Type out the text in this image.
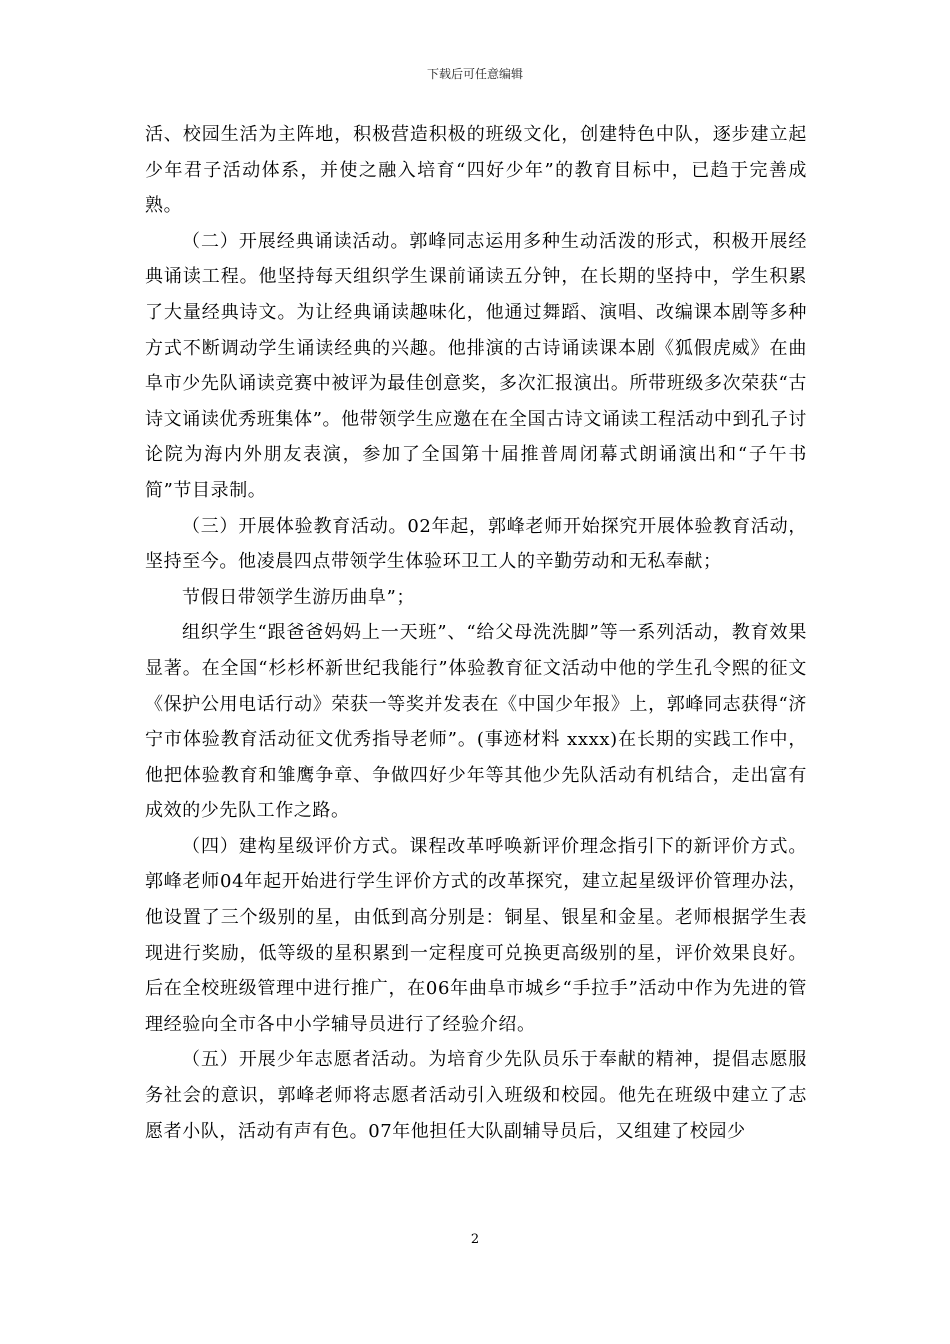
下载后可任意编辑

活、校园生活为主阵地，积极营造积极的班级文化，创建特色中队，逐步建立起少年君子活动体系，并使之融入培育“四好少年”的教育目标中，已趋于完善成熟。

（二）开展经典诵读活动。郭峰同志运用多种生动活泼的形式，积极开展经典诵读工程。他坚持每天组织学生课前诵读五分钟，在长期的坚持中，学生积累了大量经典诗文。为让经典诵读趣味化，他通过舞蹈、演唱、改编课本剧等多种方式不断调动学生诵读经典的兴趣。他排演的古诗诵读课本剧《狐假虎威》在曲阜市少先队诵读竞赛中被评为最佳创意奖，多次汇报演出。所带班级多次荣获“古诗文诵读优秀班集体”。他带领学生应邀在在全国古诗文诵读工程活动中到孔子讨论院为海内外朋友表演，参加了全国第十届推普周闭幕式朗诵演出和“子午书简”节目录制。

（三）开展体验教育活动。02年起，郭峰老师开始探究开展体验教育活动，坚持至今。他凌晨四点带领学生体验环卫工人的辛勤劳动和无私奉献；

节假日带领学生游历曲阜”；

组织学生“跟爸爸妈妈上一天班”、“给父母洗洗脚”等一系列活动，教育效果显著。在全国“杉杉杯新世纪我能行”体验教育征文活动中他的学生孔令熙的征文《保护公用电话行动》荣获一等奖并发表在《中国少年报》上，郭峰同志获得“济宁市体验教育活动征文优秀指导老师”。(事迹材料 xxxx)在长期的实践工作中，他把体验教育和雏鹰争章、争做四好少年等其他少先队活动有机结合，走出富有成效的少先队工作之路。

（四）建构星级评价方式。课程改革呼唤新评价理念指引下的新评价方式。郭峰老师04年起开始进行学生评价方式的改革探究，建立起星级评价管理办法，他设置了三个级别的星，由低到高分别是：铜星、银星和金星。老师根据学生表现进行奖励，低等级的星积累到一定程度可兑换更高级别的星，评价效果良好。后在全校班级管理中进行推广，在06年曲阜市城乡“手拉手”活动中作为先进的管理经验向全市各中小学辅导员进行了经验介绍。

（五）开展少年志愿者活动。为培育少先队员乐于奉献的精神，提倡志愿服务社会的意识，郭峰老师将志愿者活动引入班级和校园。他先在班级中建立了志愿者小队，活动有声有色。07年他担任大队副辅导员后，又组建了校园少

2
